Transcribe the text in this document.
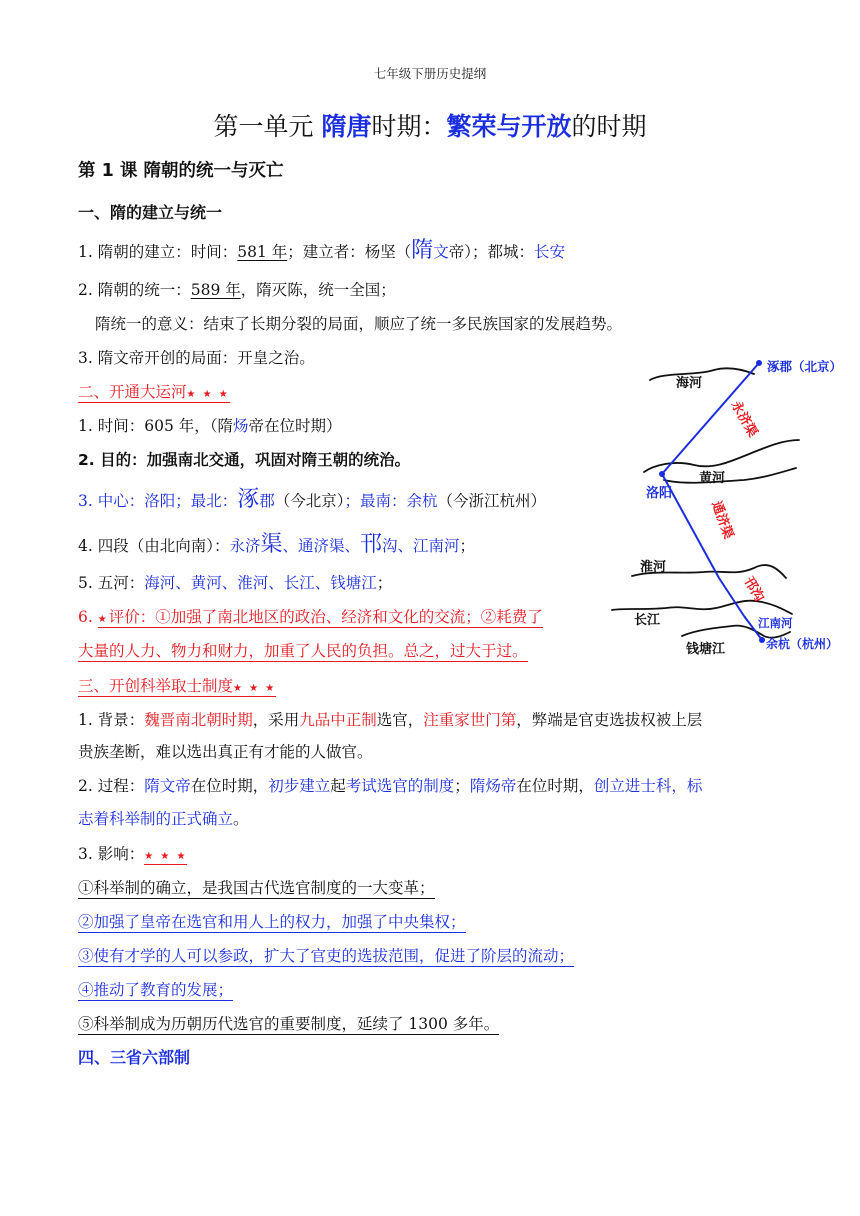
七年级下册历史提纲
第一单元 隋唐时期：繁荣与开放的时期
第 1 课 隋朝的统一与灭亡
一、隋的建立与统一
1. 隋朝的建立：时间：581 年；建立者：杨坚（隋文帝）；都城：长安
2. 隋朝的统一：589 年，隋灭陈，统一全国；
隋统一的意义：结束了长期分裂的局面，顺应了统一多民族国家的发展趋势。
3. 隋文帝开创的局面：开皇之治。
二、开通大运河★ ★ ★
1. 时间：605 年，（隋炀帝在位时期）
2. 目的：加强南北交通，巩固对隋王朝的统治。
3. 中心：洛阳；最北：涿郡（今北京）；最南：余杭（今浙江杭州）
4. 四段（由北向南）：永济渠、通济渠、邗沟、江南河；
5. 五河：海河、黄河、淮河、长江、钱塘江；
6. ★评价：①加强了南北地区的政治、经济和文化的交流；②耗费了
大量的人力、物力和财力，加重了人民的负担。总之，过大于过。
三、开创科举取士制度★ ★ ★
1. 背景：魏晋南北朝时期，采用九品中正制选官，注重家世门第，弊端是官吏选拔权被上层
贵族垄断，难以选出真正有才能的人做官。
2. 过程：隋文帝在位时期，初步建立起考试选官的制度；隋炀帝在位时期，创立进士科，标
志着科举制的正式确立。
3. 影响：★ ★ ★
①科举制的确立，是我国古代选官制度的一大变革；
②加强了皇帝在选官和用人上的权力，加强了中央集权；
③使有才学的人可以参政，扩大了官吏的选拔范围，促进了阶层的流动；
④推动了教育的发展；
⑤科举制成为历朝历代选官的重要制度，延续了 1300 多年。
四、三省六部制
海河
涿郡（北京）
永济渠
黄河
洛阳
通济渠
淮河
邗沟
长江	江南河
钱塘江	余杭（杭州）
